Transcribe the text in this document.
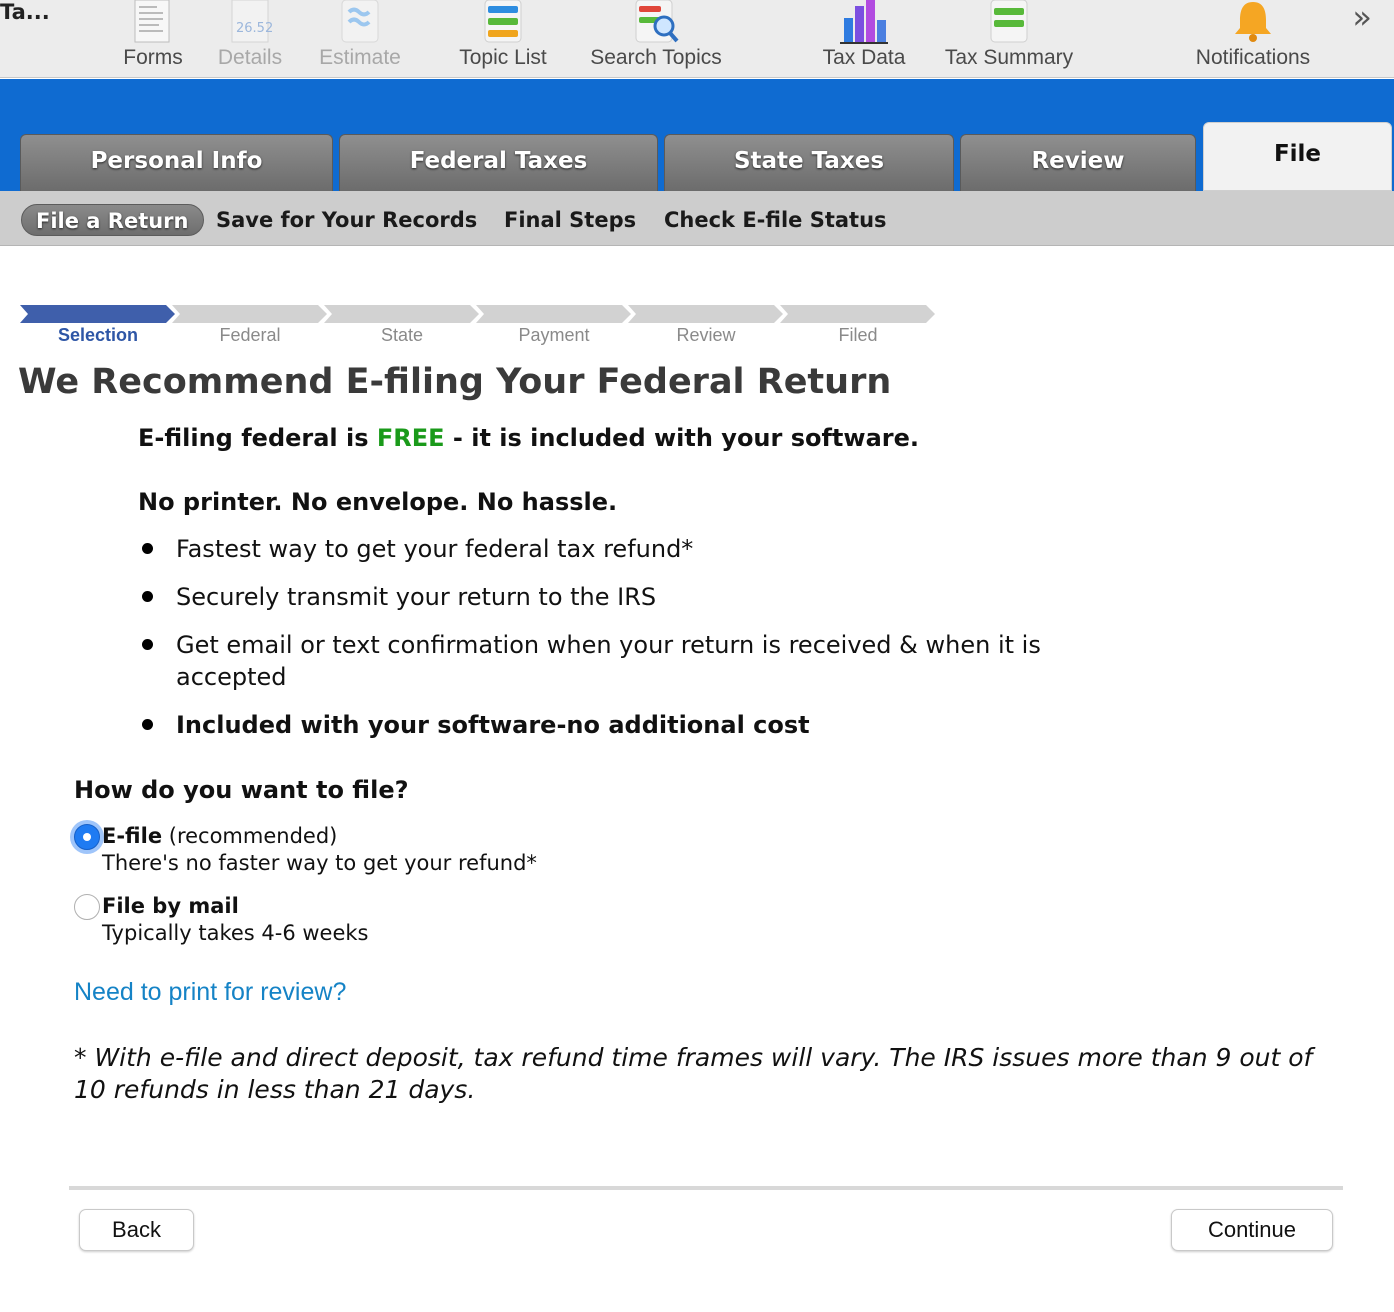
Ta...
Forms
26.52
Details	Estimate	Topic List	Search Topics	Tax Data	Tax Summary	Notifications
»
Personal Info	Federal Taxes	State Taxes	Review	File
File a Return	Save for Your Records Final Steps Check E-file Status
Selection	Federal	State	Payment	Review	Filed
We Recommend E-filing Your Federal Return
E-filing federal is FREE - it is included with your software.
No printer. No envelope. No hassle.
Fastest way to get your federal tax refund*
Securely transmit your return to the IRS
Get email or text confirmation when your return is received & when it is accepted
Included with your software-no additional cost
How do you want to file?
E-file (recommended)
There's no faster way to get your refund*
File by mail
Typically takes 4-6 weeks
Need to print for review?
* With e-file and direct deposit, tax refund time frames will vary. The IRS issues more than 9 out of 10 refunds in less than 21 days.
Back	Continue
